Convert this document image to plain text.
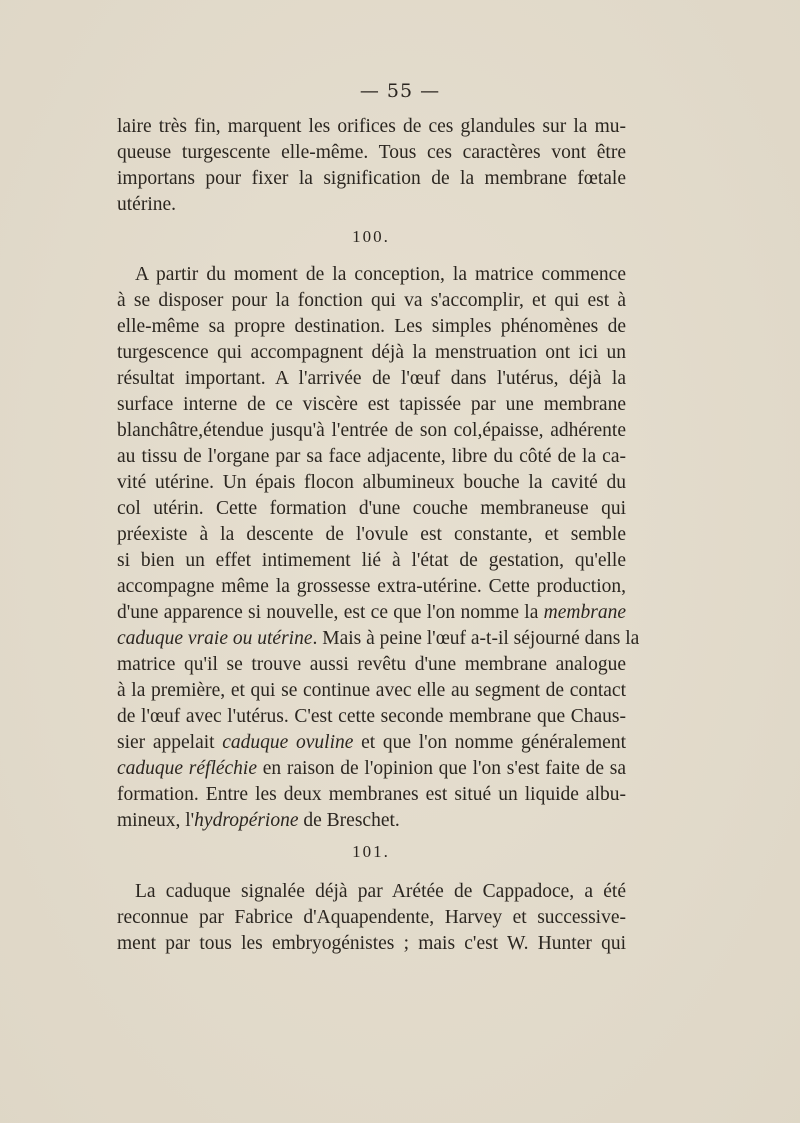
— 55 —
laire très fin, marquent les orifices de ces glandules sur la mu-
queuse turgescente elle-même. Tous ces caractères vont être
importans pour fixer la signification de la membrane fœtale
utérine.
100.
A partir du moment de la conception, la matrice commence
à se disposer pour la fonction qui va s'accomplir, et qui est à
elle-même sa propre destination. Les simples phénomènes de
turgescence qui accompagnent déjà la menstruation ont ici un
résultat important. A l'arrivée de l'œuf dans l'utérus, déjà la
surface interne de ce viscère est tapissée par une membrane
blanchâtre,étendue jusqu'à l'entrée de son col,épaisse, adhérente
au tissu de l'organe par sa face adjacente, libre du côté de la ca-
vité utérine. Un épais flocon albumineux bouche la cavité du
col utérin. Cette formation d'une couche membraneuse qui
préexiste à la descente de l'ovule est constante, et semble
si bien un effet intimement lié à l'état de gestation, qu'elle
accompagne même la grossesse extra-utérine. Cette production,
d'une apparence si nouvelle, est ce que l'on nomme la membrane
caduque vraie ou utérine. Mais à peine l'œuf a-t-il séjourné dans la
matrice qu'il se trouve aussi revêtu d'une membrane analogue
à la première, et qui se continue avec elle au segment de contact
de l'œuf avec l'utérus. C'est cette seconde membrane que Chaus-
sier appelait caduque ovuline et que l'on nomme généralement
caduque réfléchie en raison de l'opinion que l'on s'est faite de sa
formation. Entre les deux membranes est situé un liquide albu-
mineux, l'hydropérione de Breschet.
101.
La caduque signalée déjà par Arétée de Cappadoce, a été
reconnue par Fabrice d'Aquapendente, Harvey et successive-
ment par tous les embryogénistes ; mais c'est W. Hunter qui
